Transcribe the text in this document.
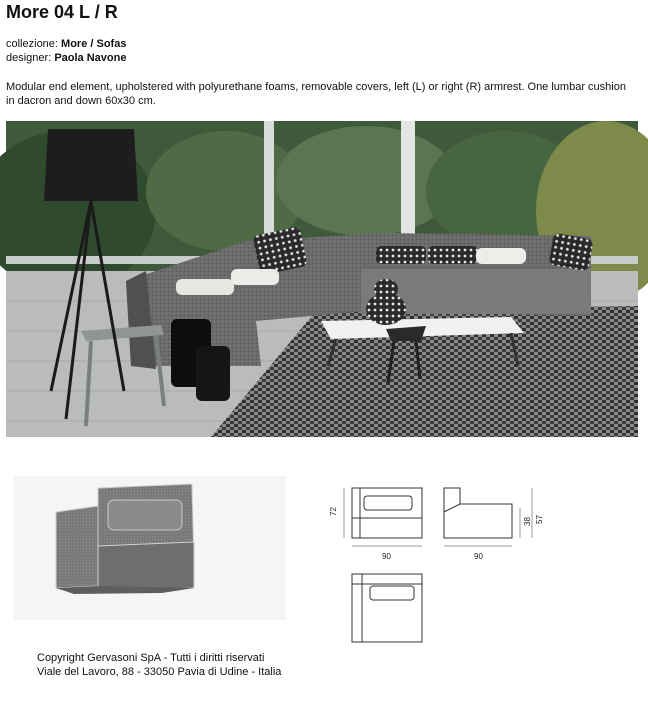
More 04 L / R
collezione: More / Sofas
designer: Paola Navone
Modular end element, upholstered with polyurethane foams, removable covers, left (L) or right (R) armrest. One lumbar cushion in dacron and down 60x30 cm.
72
90
38 57
90
Copyright Gervasoni SpA - Tutti i diritti riservati
Viale del Lavoro, 88 - 33050 Pavia di Udine - Italia
